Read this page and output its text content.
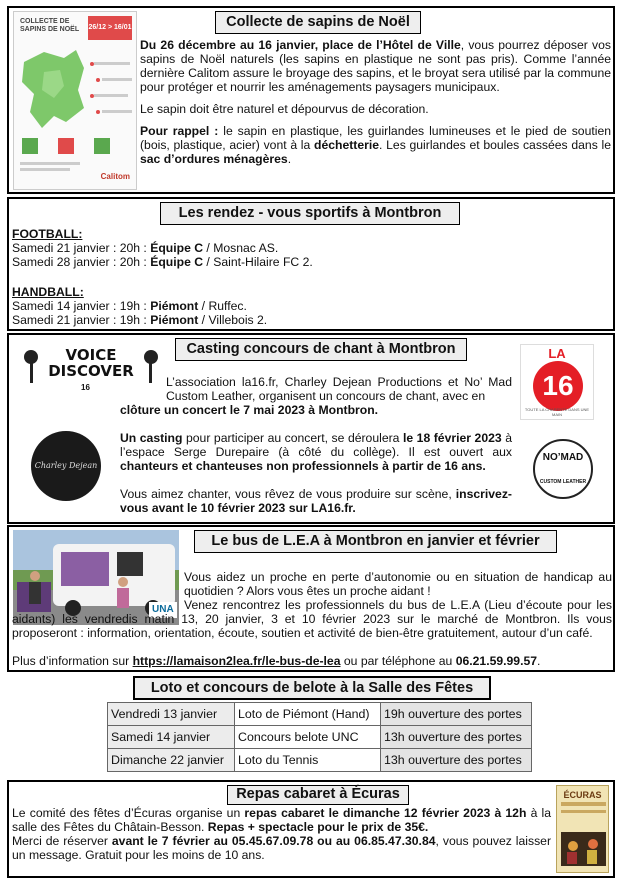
COLLECTE DE SAPINS DE NOËL	26/12 > 16/01
Calitom
Collecte de sapins de Noël

Du 26 décembre au 16 janvier, place de l’Hôtel de Ville, vous pourrez déposer vos sapins de Noël naturels (les sapins en plastique ne sont pas pris). Comme l’année dernière Calitom assure le broyage des sapins, et le broyat sera utilisé par la commune pour protéger et nourrir les aménagements paysagers municipaux.

Le sapin doit être naturel et dépourvus de décoration.

Pour rappel : le sapin en plastique, les guirlandes lumineuses et le pied de soutien (bois, plastique, acier) vont à la déchetterie. Les guirlandes et boules cassées dans le sac d’ordures ménagères.

Les rendez - vous sportifs à Montbron
FOOTBALL:
Samedi 21 janvier : 20h : Équipe C / Mosnac AS.
Samedi 28 janvier : 20h : Équipe C / Saint-Hilaire FC 2.
HANDBALL:
Samedi 14 janvier : 19h : Piémont / Ruffec.
Samedi 21 janvier : 19h : Piémont / Villebois 2.
Casting concours de chant à Montbron
VOICE DISCOVER
16
LA
16
TOUTE LA CHARENTE DANS UNE MAIN
Charley Dejean
NO’MAD
CUSTOM LEATHER

L’association la16.fr, Charley Dejean Productions et No’ Mad Custom Leather, organisent un concours de chant, avec en
clôture un concert le 7 mai 2023 à Montbron.

Un casting pour participer au concert, se déroulera le 18 février 2023 à l’espace Serge Durepaire (à côté du collège). Il est ouvert aux chanteurs et chanteuses non professionnels à partir de 16 ans.

Vous aimez chanter, vous rêvez de vous produire sur scène, inscrivez-vous avant le 10 février 2023 sur LA16.fr.

UNA
Le bus de L.E.A à Montbron en janvier et février

Vous aidez un proche en perte d’autonomie ou en situation de handicap au quotidien ? Alors vous êtes un proche aidant !

Venez rencontrez les professionnels du bus de L.E.A (Lieu d’écoute pour les aidants) les vendredis matin 13, 20 janvier, 3 et 10 février 2023 sur le marché de Montbron. Ils vous proposeront : information, orientation, écoute, soutien et activité de bien-être gratuitement, autour d’un café.

Plus d’information sur https://lamaison2lea.fr/le-bus-de-lea ou par téléphone au 06.21.59.99.57.
Loto et concours de belote à la Salle des Fêtes
Vendredi 13 janvier	Loto de Piémont (Hand)	19h ouverture des portes
Samedi 14 janvier	Concours belote UNC	13h ouverture des portes
Dimanche 22 janvier	Loto du Tennis	13h ouverture des portes
Repas cabaret à Écuras

Le comité des fêtes d’Écuras organise un repas cabaret le dimanche 12 février 2023 à 12h à la salle des Fêtes du Châtain-Besson. Repas + spectacle pour le prix de 35€.

Merci de réserver avant le 7 février au 05.45.67.09.78 ou au 06.85.47.30.84, vous pouvez laisser un message. Gratuit pour les moins de 10 ans.

ÉCURAS
